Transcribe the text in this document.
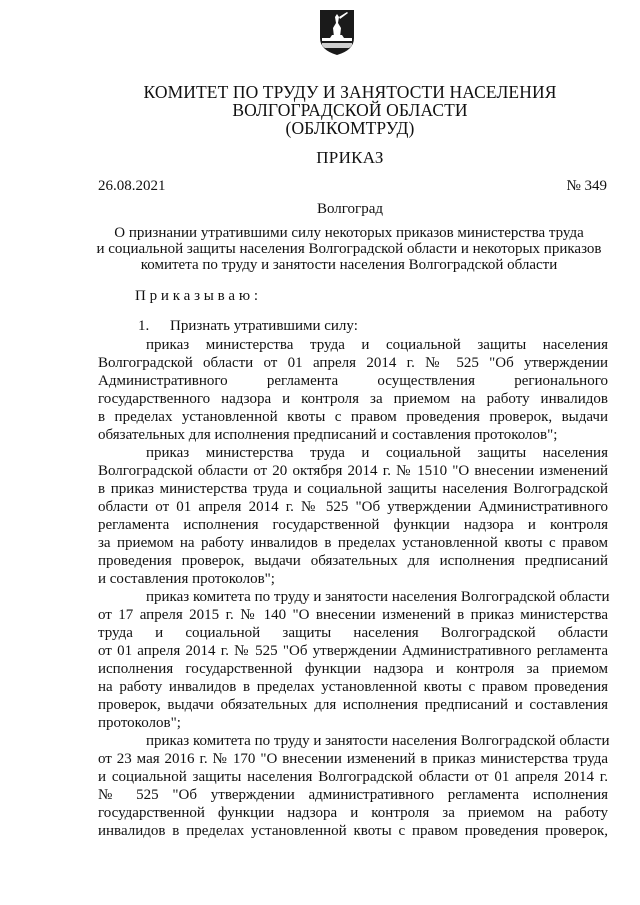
КОМИТЕТ ПО ТРУДУ И ЗАНЯТОСТИ НАСЕЛЕНИЯ
ВОЛГОГРАДСКОЙ ОБЛАСТИ
(ОБЛКОМТРУД)
ПРИКАЗ
26.08.2021	№ 349
Волгоград
О признании утратившими силу некоторых приказов министерства труда
и социальной защиты населения Волгоградской области и некоторых приказов
комитета по труду и занятости населения Волгоградской области
Приказываю:
1. Признать утратившими силу:
приказ министерства труда и социальной защиты населения
Волгоградской области от 01 апреля 2014 г. № 525 "Об утверждении
Административного регламента осуществления регионального
государственного надзора и контроля за приемом на работу инвалидов
в пределах установленной квоты с правом проведения проверок, выдачи
обязательных для исполнения предписаний и составления протоколов";
приказ министерства труда и социальной защиты населения
Волгоградской области от 20 октября 2014 г. № 1510 "О внесении изменений
в приказ министерства труда и социальной защиты населения Волгоградской
области от 01 апреля 2014 г. № 525 "Об утверждении Административного
регламента исполнения государственной функции надзора и контроля
за приемом на работу инвалидов в пределах установленной квоты с правом
проведения проверок, выдачи обязательных для исполнения предписаний
и составления протоколов";
приказ комитета по труду и занятости населения Волгоградской области
от 17 апреля 2015 г. № 140 "О внесении изменений в приказ министерства
труда и социальной защиты населения Волгоградской области
от 01 апреля 2014 г. № 525 "Об утверждении Административного регламента
исполнения государственной функции надзора и контроля за приемом
на работу инвалидов в пределах установленной квоты с правом проведения
проверок, выдачи обязательных для исполнения предписаний и составления
протоколов";
приказ комитета по труду и занятости населения Волгоградской области
от 23 мая 2016 г. № 170 "О внесении изменений в приказ министерства труда
и социальной защиты населения Волгоградской области от 01 апреля 2014 г.
№ 525 "Об утверждении административного регламента исполнения
государственной функции надзора и контроля за приемом на работу
инвалидов в пределах установленной квоты с правом проведения проверок,
